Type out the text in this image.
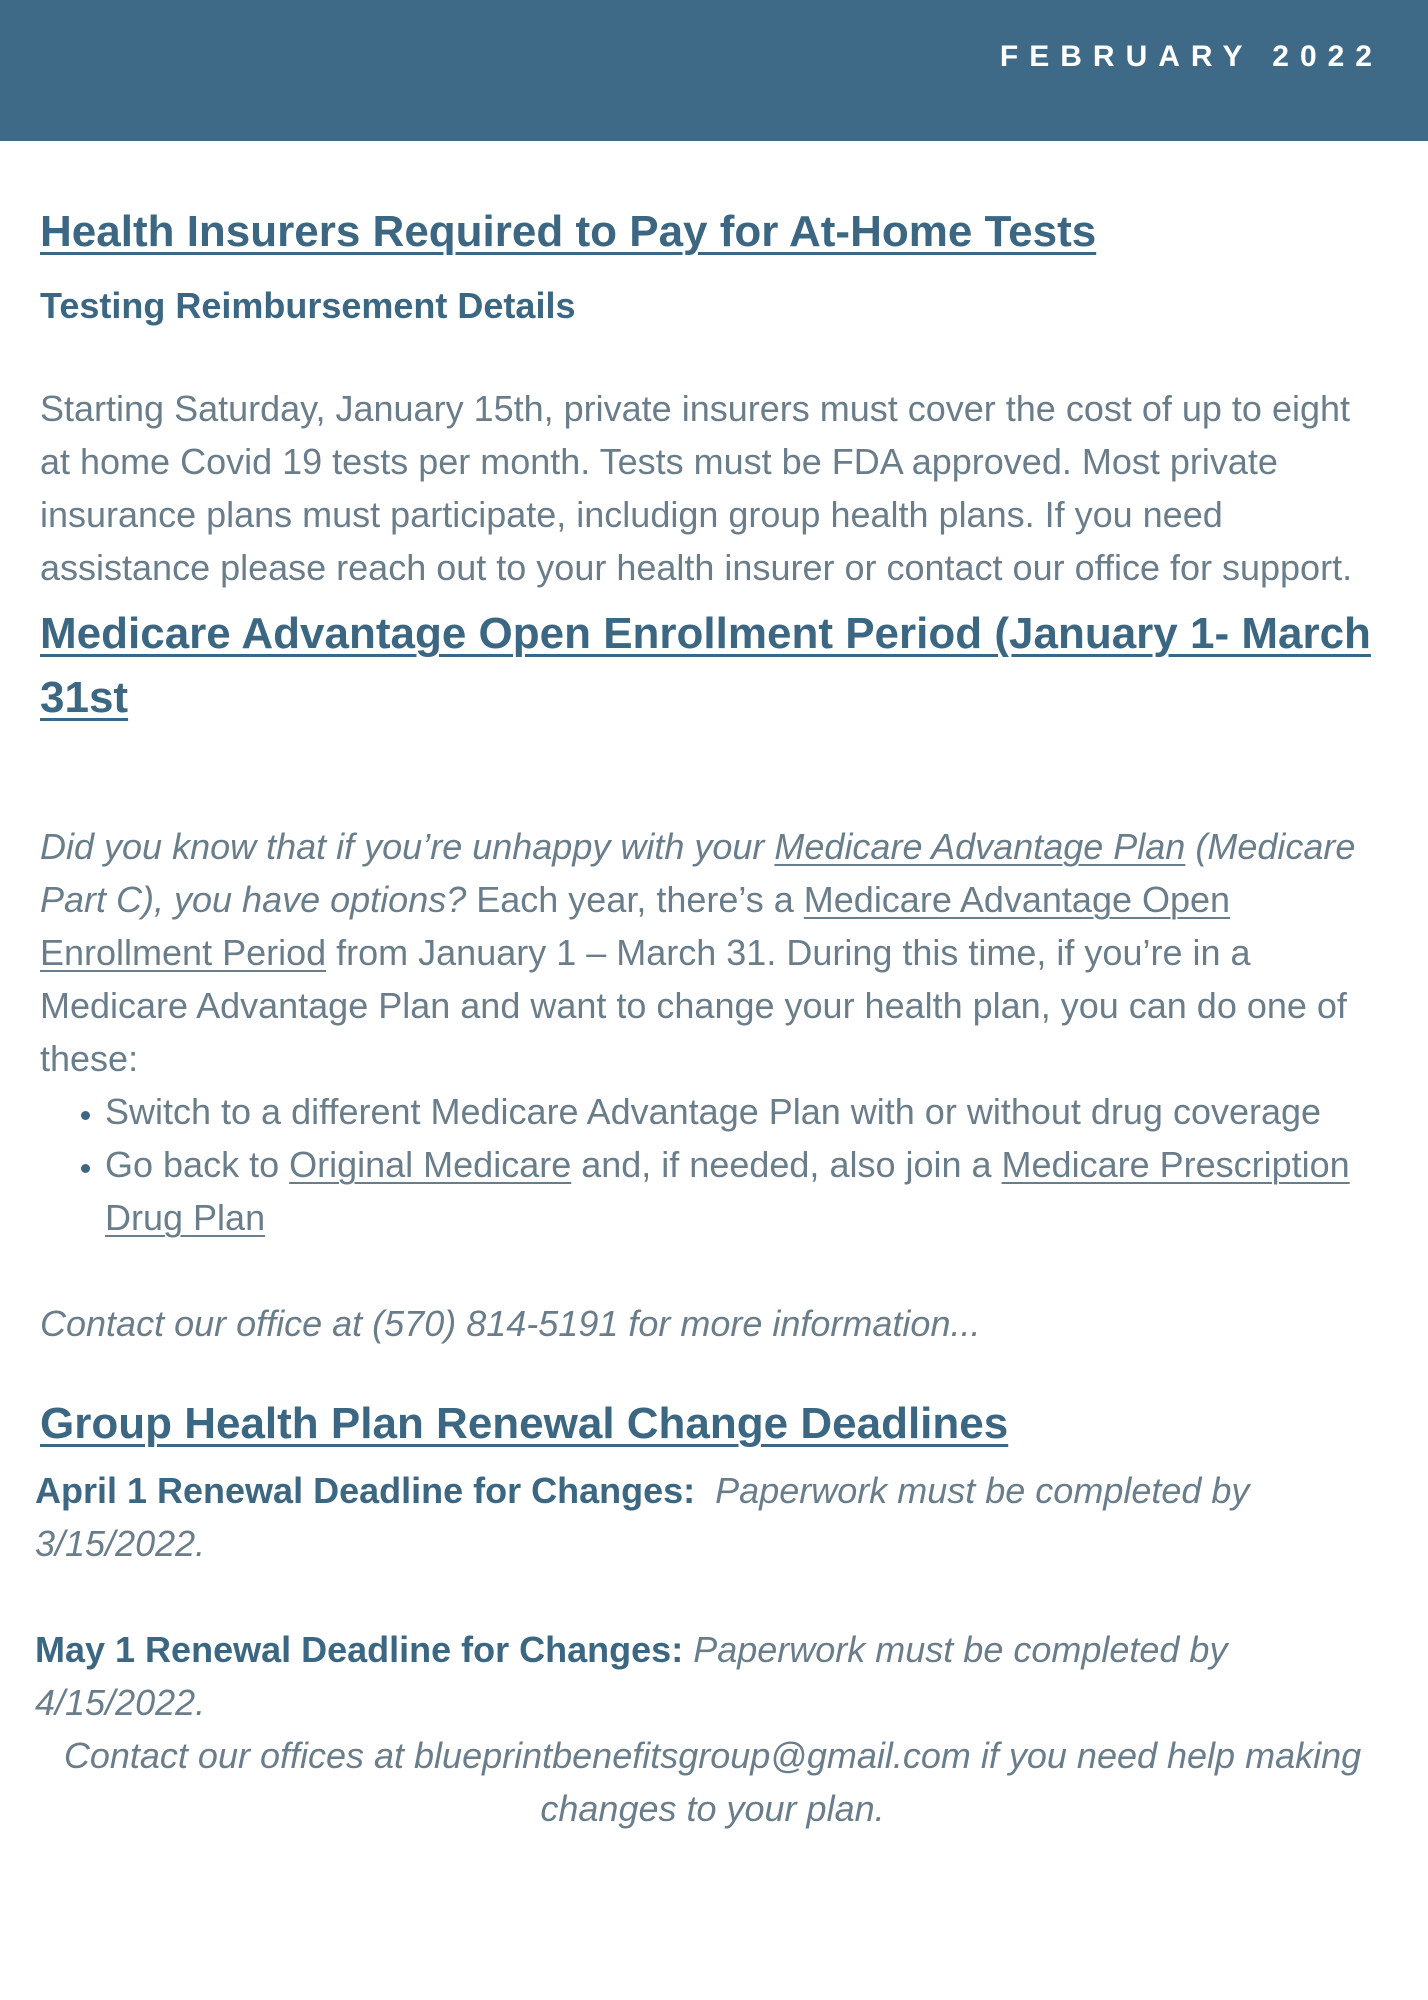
FEBRUARY 2022
Health Insurers Required to Pay for At-Home Tests
Testing Reimbursement Details
Starting Saturday, January 15th, private insurers must cover the cost of up to eight at home Covid 19 tests per month. Tests must be FDA approved. Most private insurance plans must participate, includign group health plans. If you need assistance please reach out to your health insurer or contact our office for support.
Medicare Advantage Open Enrollment Period (January 1- March 31st
Did you know that if you’re unhappy with your Medicare Advantage Plan (Medicare Part C), you have options? Each year, there’s a Medicare Advantage Open Enrollment Period from January 1 – March 31. During this time, if you’re in a Medicare Advantage Plan and want to change your health plan, you can do one of these:
• Switch to a different Medicare Advantage Plan with or without drug coverage
• Go back to Original Medicare and, if needed, also join a Medicare Prescription Drug Plan
Contact our office at (570) 814-5191 for more information...
Group Health Plan Renewal Change Deadlines
April 1 Renewal Deadline for Changes: Paperwork must be completed by 3/15/2022.
May 1 Renewal Deadline for Changes: Paperwork must be completed by 4/15/2022.
Contact our offices at blueprintbenefitsgroup@gmail.com if you need help making changes to your plan.
